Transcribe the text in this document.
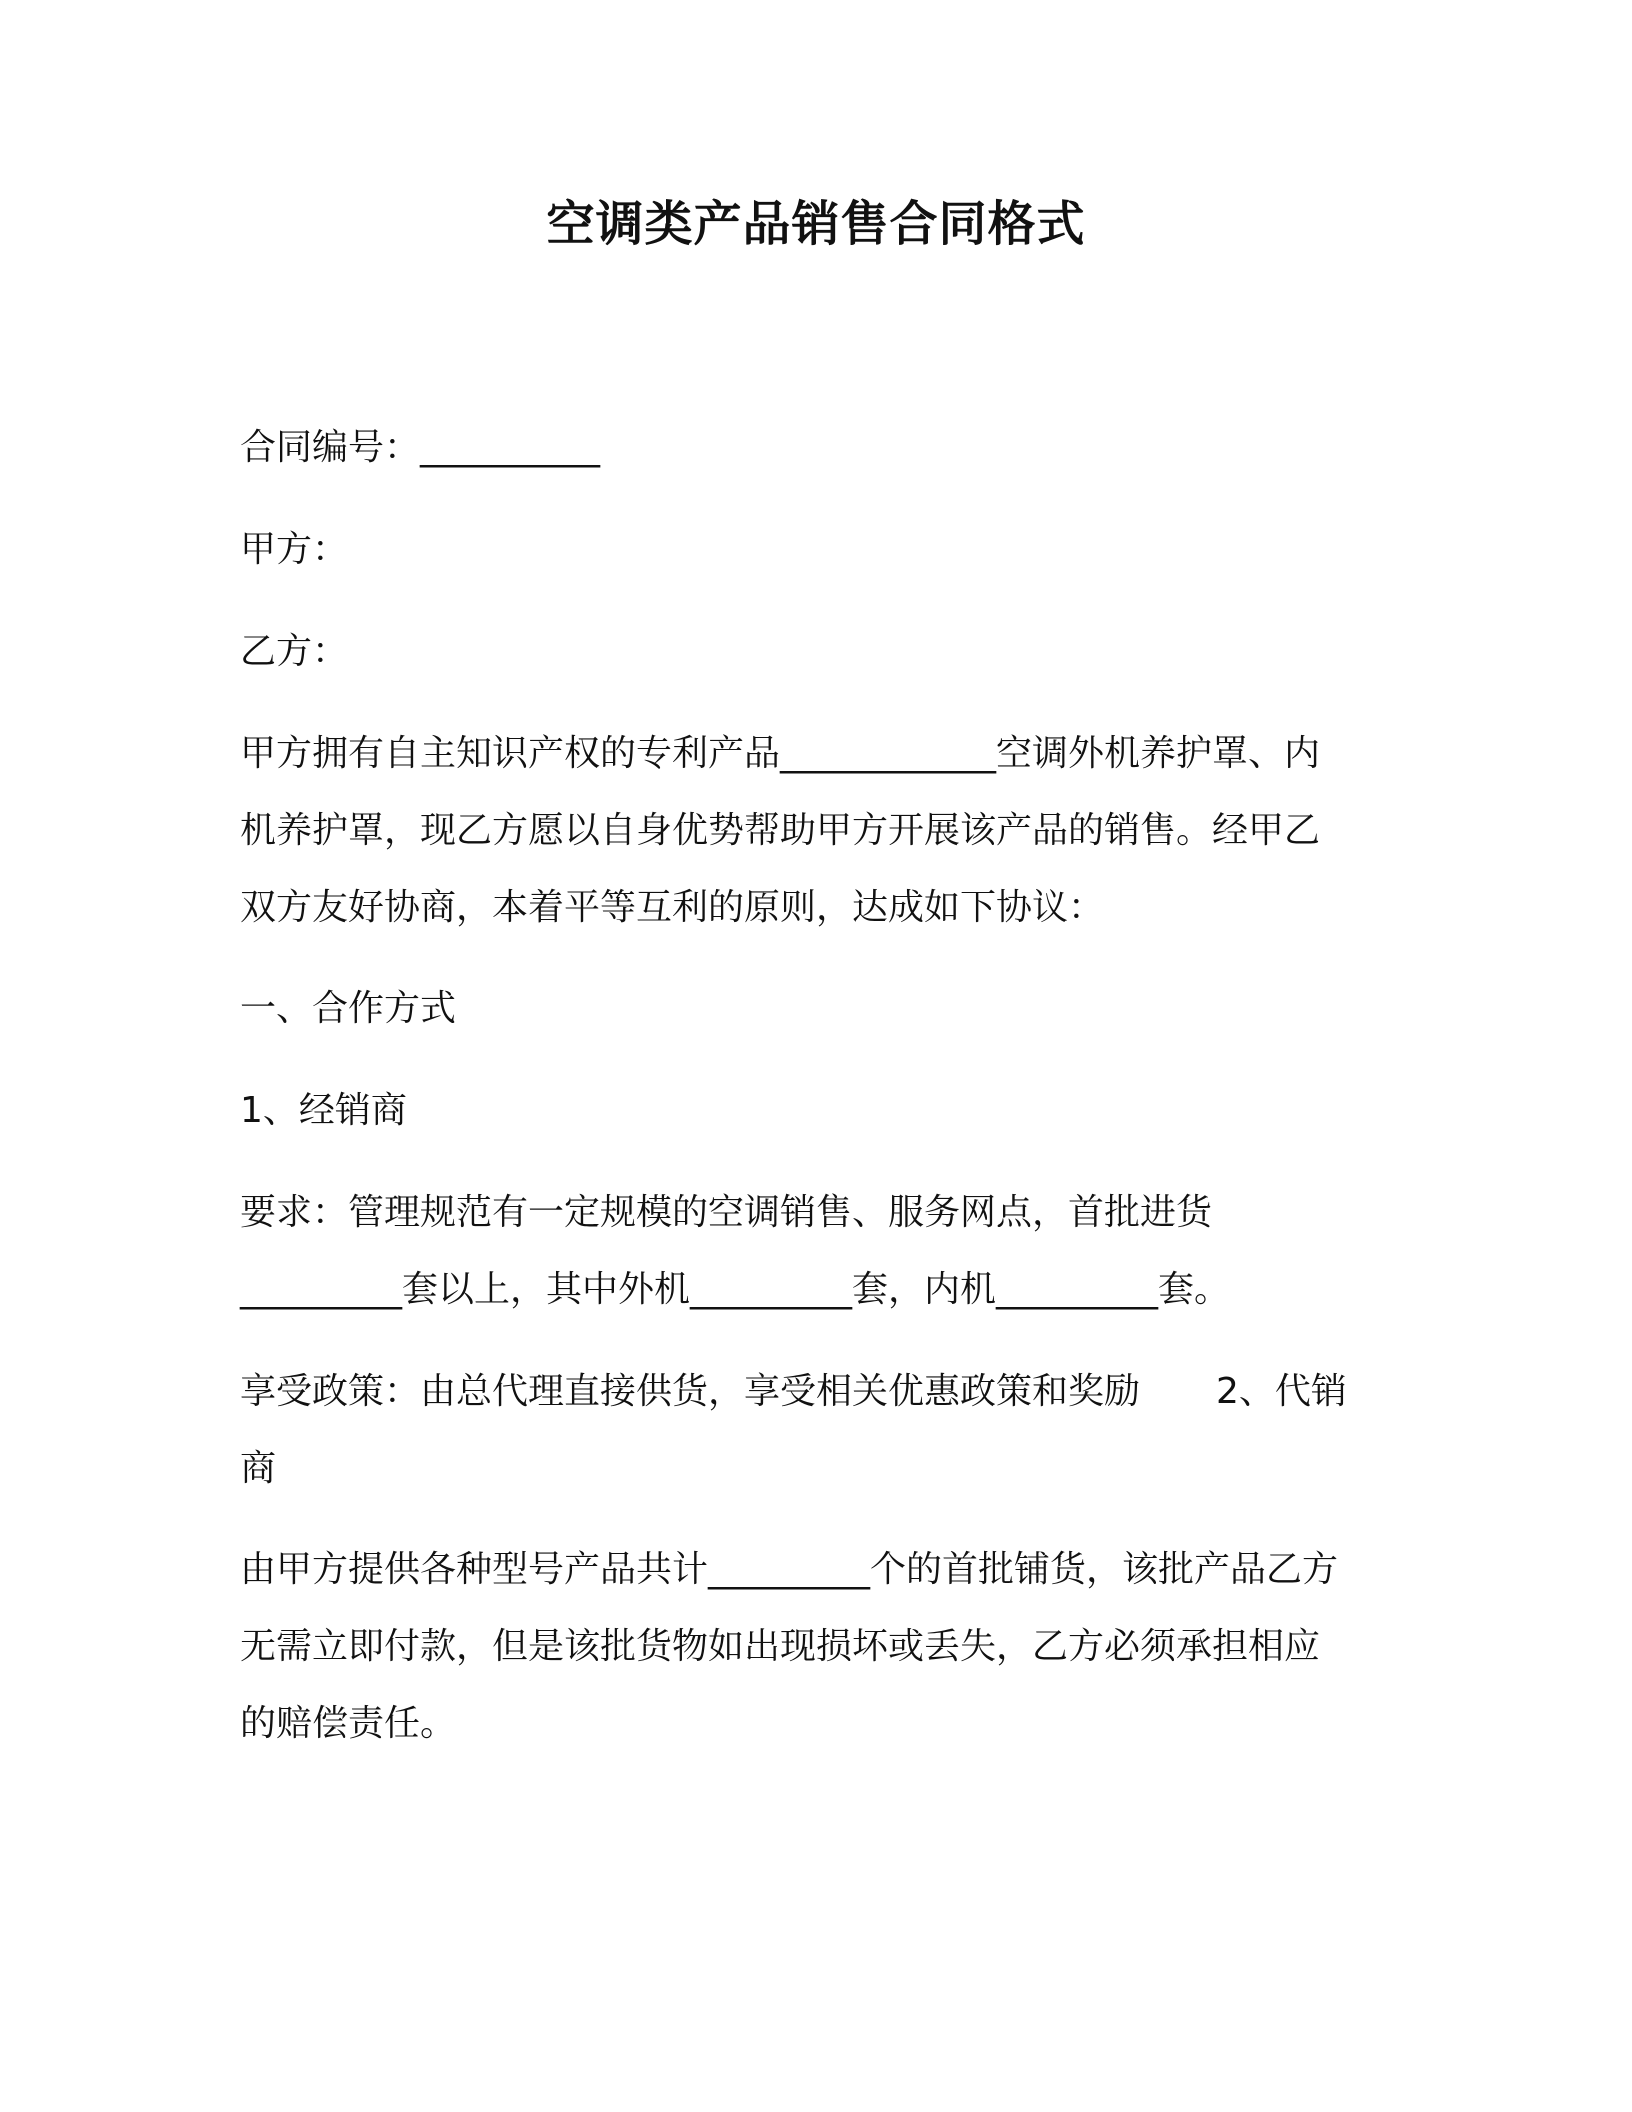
空调类产品销售合同格式
合同编号：__________
甲方：
乙方：
甲方拥有自主知识产权的专利产品____________空调外机养护罩、内
机养护罩，现乙方愿以自身优势帮助甲方开展该产品的销售。经甲乙
双方友好协商，本着平等互利的原则，达成如下协议：
一、合作方式
1、经销商
要求：管理规范有一定规模的空调销售、服务网点，首批进货
_________套以上，其中外机_________套，内机_________套。
享受政策：由总代理直接供货，享受相关优惠政策和奖励 2、代销
商
由甲方提供各种型号产品共计_________个的首批铺货，该批产品乙方
无需立即付款，但是该批货物如出现损坏或丢失，乙方必须承担相应
的赔偿责任。
